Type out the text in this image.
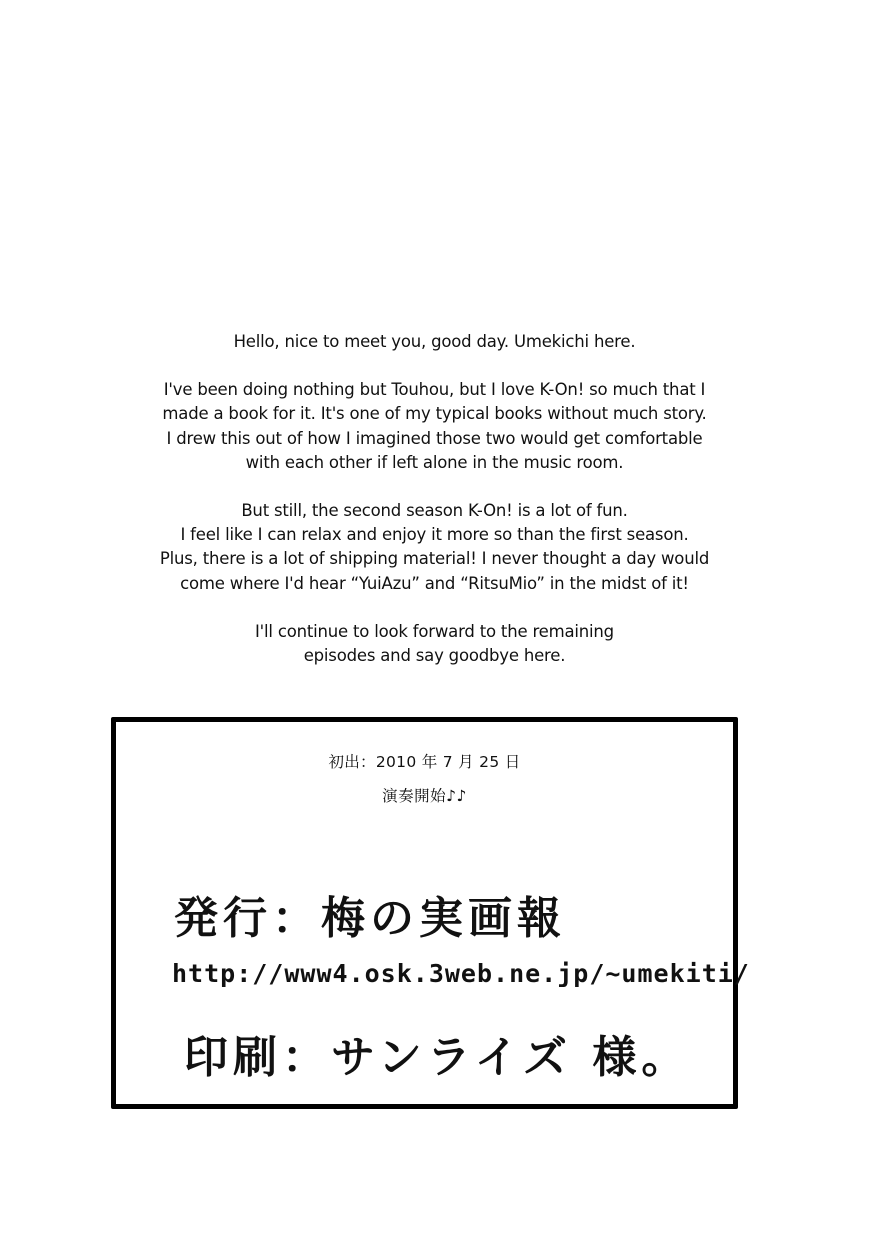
Hello, nice to meet you, good day. Umekichi here.

I've been doing nothing but Touhou, but I love K-On! so much that I
made a book for it. It's one of my typical books without much story.
I drew this out of how I imagined those two would get comfortable
with each other if left alone in the music room.

But still, the second season K-On! is a lot of fun.
I feel like I can relax and enjoy it more so than the first season.
Plus, there is a lot of shipping material! I never thought a day would
come where I'd hear “YuiAzu” and “RitsuMio” in the midst of it!

I'll continue to look forward to the remaining
episodes and say goodbye here.

初出：2010 年 7 月 25 日
演奏開始♪♪
発行：梅の実画報
http://www4.osk.3web.ne.jp/~umekiti/
印刷：サンライズ 様。
